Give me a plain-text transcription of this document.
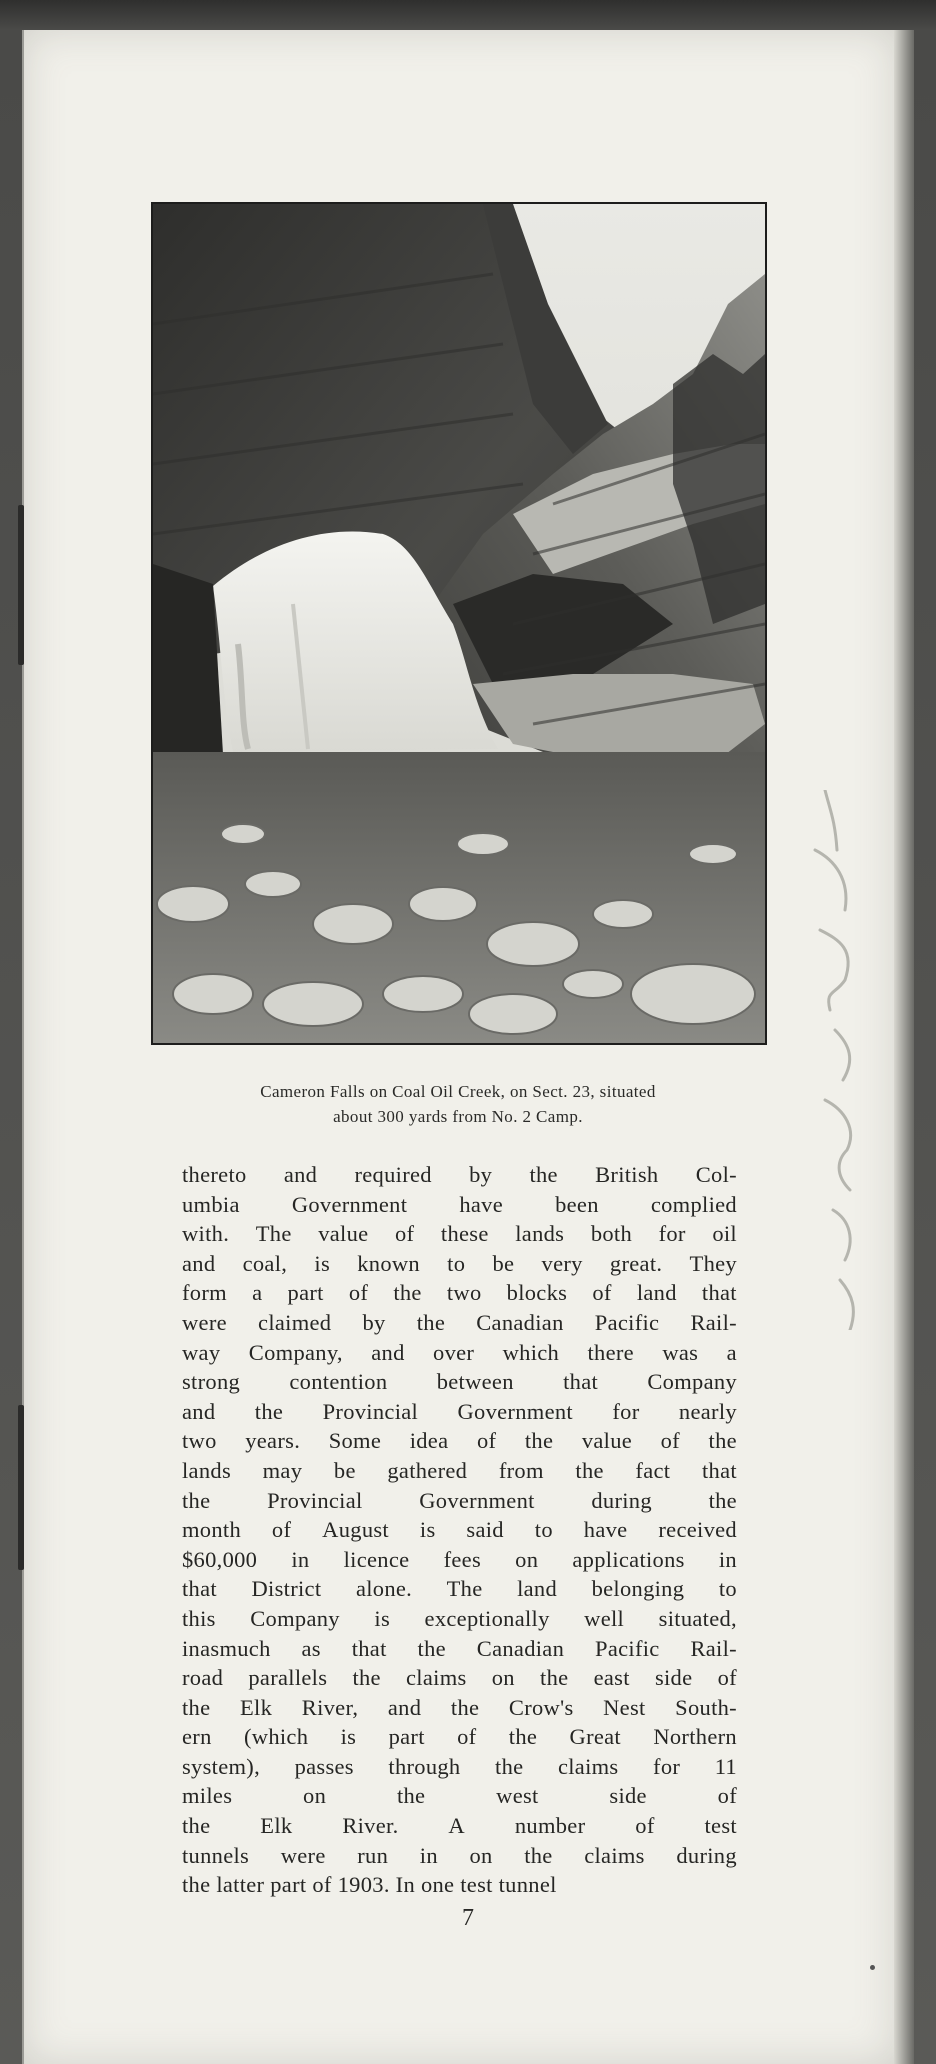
Cameron Falls on Coal Oil Creek, on Sect. 23, situated
about 300 yards from No. 2 Camp.
thereto and required by the British Col-
umbia Government have been complied
with. The value of these lands both for oil
and coal, is known to be very great. They
form a part of the two blocks of land that
were claimed by the Canadian Pacific Rail-
way Company, and over which there was a
strong contention between that Company
and the Provincial Government for nearly
two years. Some idea of the value of the
lands may be gathered from the fact that
the	Provincial	Government	during	the
month of August is said to have received
$60,000 in licence fees on applications in
that District alone. The land belonging to
this Company is exceptionally well situated,
inasmuch as that the Canadian Pacific Rail-
road parallels the claims on the east side of
the Elk River, and the Crow's Nest South-
ern (which is part of the Great Northern
system), passes through the claims for 11
miles	on	the	west	side	of
the Elk River. A number of test
tunnels were run in on the claims during
the latter part of 1903. In one test tunnel
7
